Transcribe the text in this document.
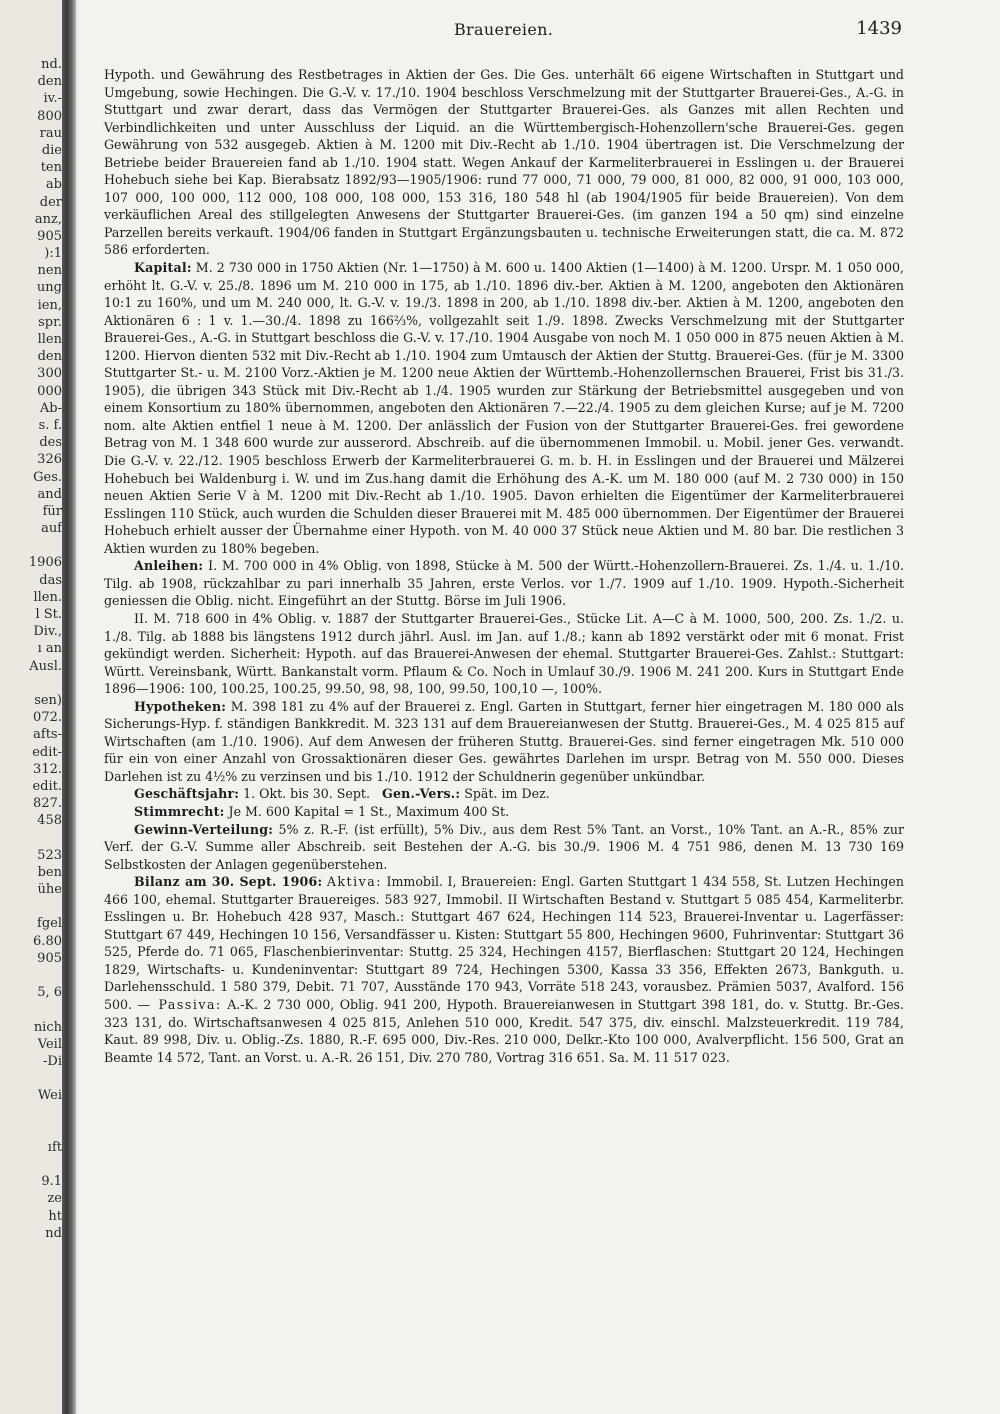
nd.
den
iv.-
800
rau
die
ten
ab
der
anz,
905
):1
nen
ung
ien,
spr.
llen
den
300
000
Ab-
s. f.
des
326
Ges.
and
für
auf
1906
das
llen.
l St.
Div.,
ı an
Ausl.
sen)
072.
afts-
edit-
312.
edit.
827.
458
523
ben
ühe
fgel
6.80
905
5, 6
nich
Veil
-Di
Wei
ıft
9.1
ze
ht
nd
Brauereien.	1439

Hypoth. und Gewährung des Restbetrages in Aktien der Ges. Die Ges. unterhält 66 eigene Wirtschaften in Stuttgart und Umgebung, sowie Hechingen. Die G.-V. v. 17./10. 1904 beschloss Verschmelzung mit der Stuttgarter Brauerei-Ges., A.-G. in Stuttgart und zwar derart, dass das Vermögen der Stuttgarter Brauerei-Ges. als Ganzes mit allen Rechten und Verbindlichkeiten und unter Ausschluss der Liquid. an die Württembergisch-Hohenzollern'sche Brauerei-Ges. gegen Gewährung von 532 ausgegeb. Aktien à M. 1200 mit Div.-Recht ab 1./10. 1904 übertragen ist. Die Verschmelzung der Betriebe beider Brauereien fand ab 1./10. 1904 statt. Wegen Ankauf der Karmeliterbrauerei in Esslingen u. der Brauerei Hohebuch siehe bei Kap. Bierabsatz 1892/93—1905/1906: rund 77 000, 71 000, 79 000, 81 000, 82 000, 91 000, 103 000, 107 000, 100 000, 112 000, 108 000, 108 000, 153 316, 180 548 hl (ab 1904/1905 für beide Brauereien). Von dem verkäuflichen Areal des stillgelegten Anwesens der Stuttgarter Brauerei-Ges. (im ganzen 194 a 50 qm) sind einzelne Parzellen bereits verkauft. 1904/06 fanden in Stuttgart Ergänzungsbauten u. technische Erweiterungen statt, die ca. M. 872 586 erforderten.

Kapital: M. 2 730 000 in 1750 Aktien (Nr. 1—1750) à M. 600 u. 1400 Aktien (1—1400) à M. 1200. Urspr. M. 1 050 000, erhöht lt. G.-V. v. 25./8. 1896 um M. 210 000 in 175, ab 1./10. 1896 div.-ber. Aktien à M. 1200, angeboten den Aktionären 10:1 zu 160%, und um M. 240 000, lt. G.-V. v. 19./3. 1898 in 200, ab 1./10. 1898 div.-ber. Aktien à M. 1200, angeboten den Aktionären 6 : 1 v. 1.—30./4. 1898 zu 166⅔%, vollgezahlt seit 1./9. 1898. Zwecks Verschmelzung mit der Stuttgarter Brauerei-Ges., A.-G. in Stuttgart beschloss die G.-V. v. 17./10. 1904 Ausgabe von noch M. 1 050 000 in 875 neuen Aktien à M. 1200. Hiervon dienten 532 mit Div.-Recht ab 1./10. 1904 zum Umtausch der Aktien der Stuttg. Brauerei-Ges. (für je M. 3300 Stuttgarter St.- u. M. 2100 Vorz.-Aktien je M. 1200 neue Aktien der Württemb.-Hohenzollernschen Brauerei, Frist bis 31./3. 1905), die übrigen 343 Stück mit Div.-Recht ab 1./4. 1905 wurden zur Stärkung der Betriebsmittel ausgegeben und von einem Konsortium zu 180% übernommen, angeboten den Aktionären 7.—22./4. 1905 zu dem gleichen Kurse; auf je M. 7200 nom. alte Aktien entfiel 1 neue à M. 1200. Der anlässlich der Fusion von der Stuttgarter Brauerei-Ges. frei gewordene Betrag von M. 1 348 600 wurde zur ausserord. Abschreib. auf die übernommenen Immobil. u. Mobil. jener Ges. verwandt. Die G.-V. v. 22./12. 1905 beschloss Erwerb der Karmeliterbrauerei G. m. b. H. in Esslingen und der Brauerei und Mälzerei Hohebuch bei Waldenburg i. W. und im Zus.hang damit die Erhöhung des A.-K. um M. 180 000 (auf M. 2 730 000) in 150 neuen Aktien Serie V à M. 1200 mit Div.-Recht ab 1./10. 1905. Davon erhielten die Eigentümer der Karmeliterbrauerei Esslingen 110 Stück, auch wurden die Schulden dieser Brauerei mit M. 485 000 übernommen. Der Eigentümer der Brauerei Hohebuch erhielt ausser der Übernahme einer Hypoth. von M. 40 000 37 Stück neue Aktien und M. 80 bar. Die restlichen 3 Aktien wurden zu 180% begeben.

Anleihen: I. M. 700 000 in 4% Oblig. von 1898, Stücke à M. 500 der Württ.-Hohenzollern-Brauerei. Zs. 1./4. u. 1./10. Tilg. ab 1908, rückzahlbar zu pari innerhalb 35 Jahren, erste Verlos. vor 1./7. 1909 auf 1./10. 1909. Hypoth.-Sicherheit geniessen die Oblig. nicht. Eingeführt an der Stuttg. Börse im Juli 1906.

II. M. 718 600 in 4% Oblig. v. 1887 der Stuttgarter Brauerei-Ges., Stücke Lit. A—C à M. 1000, 500, 200. Zs. 1./2. u. 1./8. Tilg. ab 1888 bis längstens 1912 durch jährl. Ausl. im Jan. auf 1./8.; kann ab 1892 verstärkt oder mit 6 monat. Frist gekündigt werden. Sicherheit: Hypoth. auf das Brauerei-Anwesen der ehemal. Stuttgarter Brauerei-Ges. Zahlst.: Stuttgart: Württ. Vereinsbank, Württ. Bankanstalt vorm. Pflaum & Co. Noch in Umlauf 30./9. 1906 M. 241 200. Kurs in Stuttgart Ende 1896—1906: 100, 100.25, 100.25, 99.50, 98, 98, 100, 99.50, 100,10 —, 100%.

Hypotheken: M. 398 181 zu 4% auf der Brauerei z. Engl. Garten in Stuttgart, ferner hier eingetragen M. 180 000 als Sicherungs-Hyp. f. ständigen Bankkredit. M. 323 131 auf dem Brauereianwesen der Stuttg. Brauerei-Ges., M. 4 025 815 auf Wirtschaften (am 1./10. 1906). Auf dem Anwesen der früheren Stuttg. Brauerei-Ges. sind ferner eingetragen Mk. 510 000 für ein von einer Anzahl von Grossaktionären dieser Ges. gewährtes Darlehen im urspr. Betrag von M. 550 000. Dieses Darlehen ist zu 4½% zu verzinsen und bis 1./10. 1912 der Schuldnerin gegenüber unkündbar.

Geschäftsjahr: 1. Okt. bis 30. Sept. Gen.-Vers.: Spät. im Dez.

Stimmrecht: Je M. 600 Kapital = 1 St., Maximum 400 St.

Gewinn-Verteilung: 5% z. R.-F. (ist erfüllt), 5% Div., aus dem Rest 5% Tant. an Vorst., 10% Tant. an A.-R., 85% zur Verf. der G.-V. Summe aller Abschreib. seit Bestehen der A.-G. bis 30./9. 1906 M. 4 751 986, denen M. 13 730 169 Selbstkosten der Anlagen gegenüberstehen.

Bilanz am 30. Sept. 1906: Aktiva: Immobil. I, Brauereien: Engl. Garten Stuttgart 1 434 558, St. Lutzen Hechingen 466 100, ehemal. Stuttgarter Brauereiges. 583 927, Immobil. II Wirtschaften Bestand v. Stuttgart 5 085 454, Karmeliterbr. Esslingen u. Br. Hohebuch 428 937, Masch.: Stuttgart 467 624, Hechingen 114 523, Brauerei-Inventar u. Lagerfässer: Stuttgart 67 449, Hechingen 10 156, Versandfässer u. Kisten: Stuttgart 55 800, Hechingen 9600, Fuhrinventar: Stuttgart 36 525, Pferde do. 71 065, Flaschenbierinventar: Stuttg. 25 324, Hechingen 4157, Bierflaschen: Stuttgart 20 124, Hechingen 1829, Wirtschafts- u. Kundeninventar: Stuttgart 89 724, Hechingen 5300, Kassa 33 356, Effekten 2673, Bankguth. u. Darlehensschuld. 1 580 379, Debit. 71 707, Ausstände 170 943, Vorräte 518 243, vorausbez. Prämien 5037, Avalford. 156 500. — Passiva: A.-K. 2 730 000, Oblig. 941 200, Hypoth. Brauereianwesen in Stuttgart 398 181, do. v. Stuttg. Br.-Ges. 323 131, do. Wirtschaftsanwesen 4 025 815, Anlehen 510 000, Kredit. 547 375, div. einschl. Malzsteuerkredit. 119 784, Kaut. 89 998, Div. u. Oblig.-Zs. 1880, R.-F. 695 000, Div.-Res. 210 000, Delkr.-Kto 100 000, Avalverpflicht. 156 500, Grat an Beamte 14 572, Tant. an Vorst. u. A.-R. 26 151, Div. 270 780, Vortrag 316 651. Sa. M. 11 517 023.
